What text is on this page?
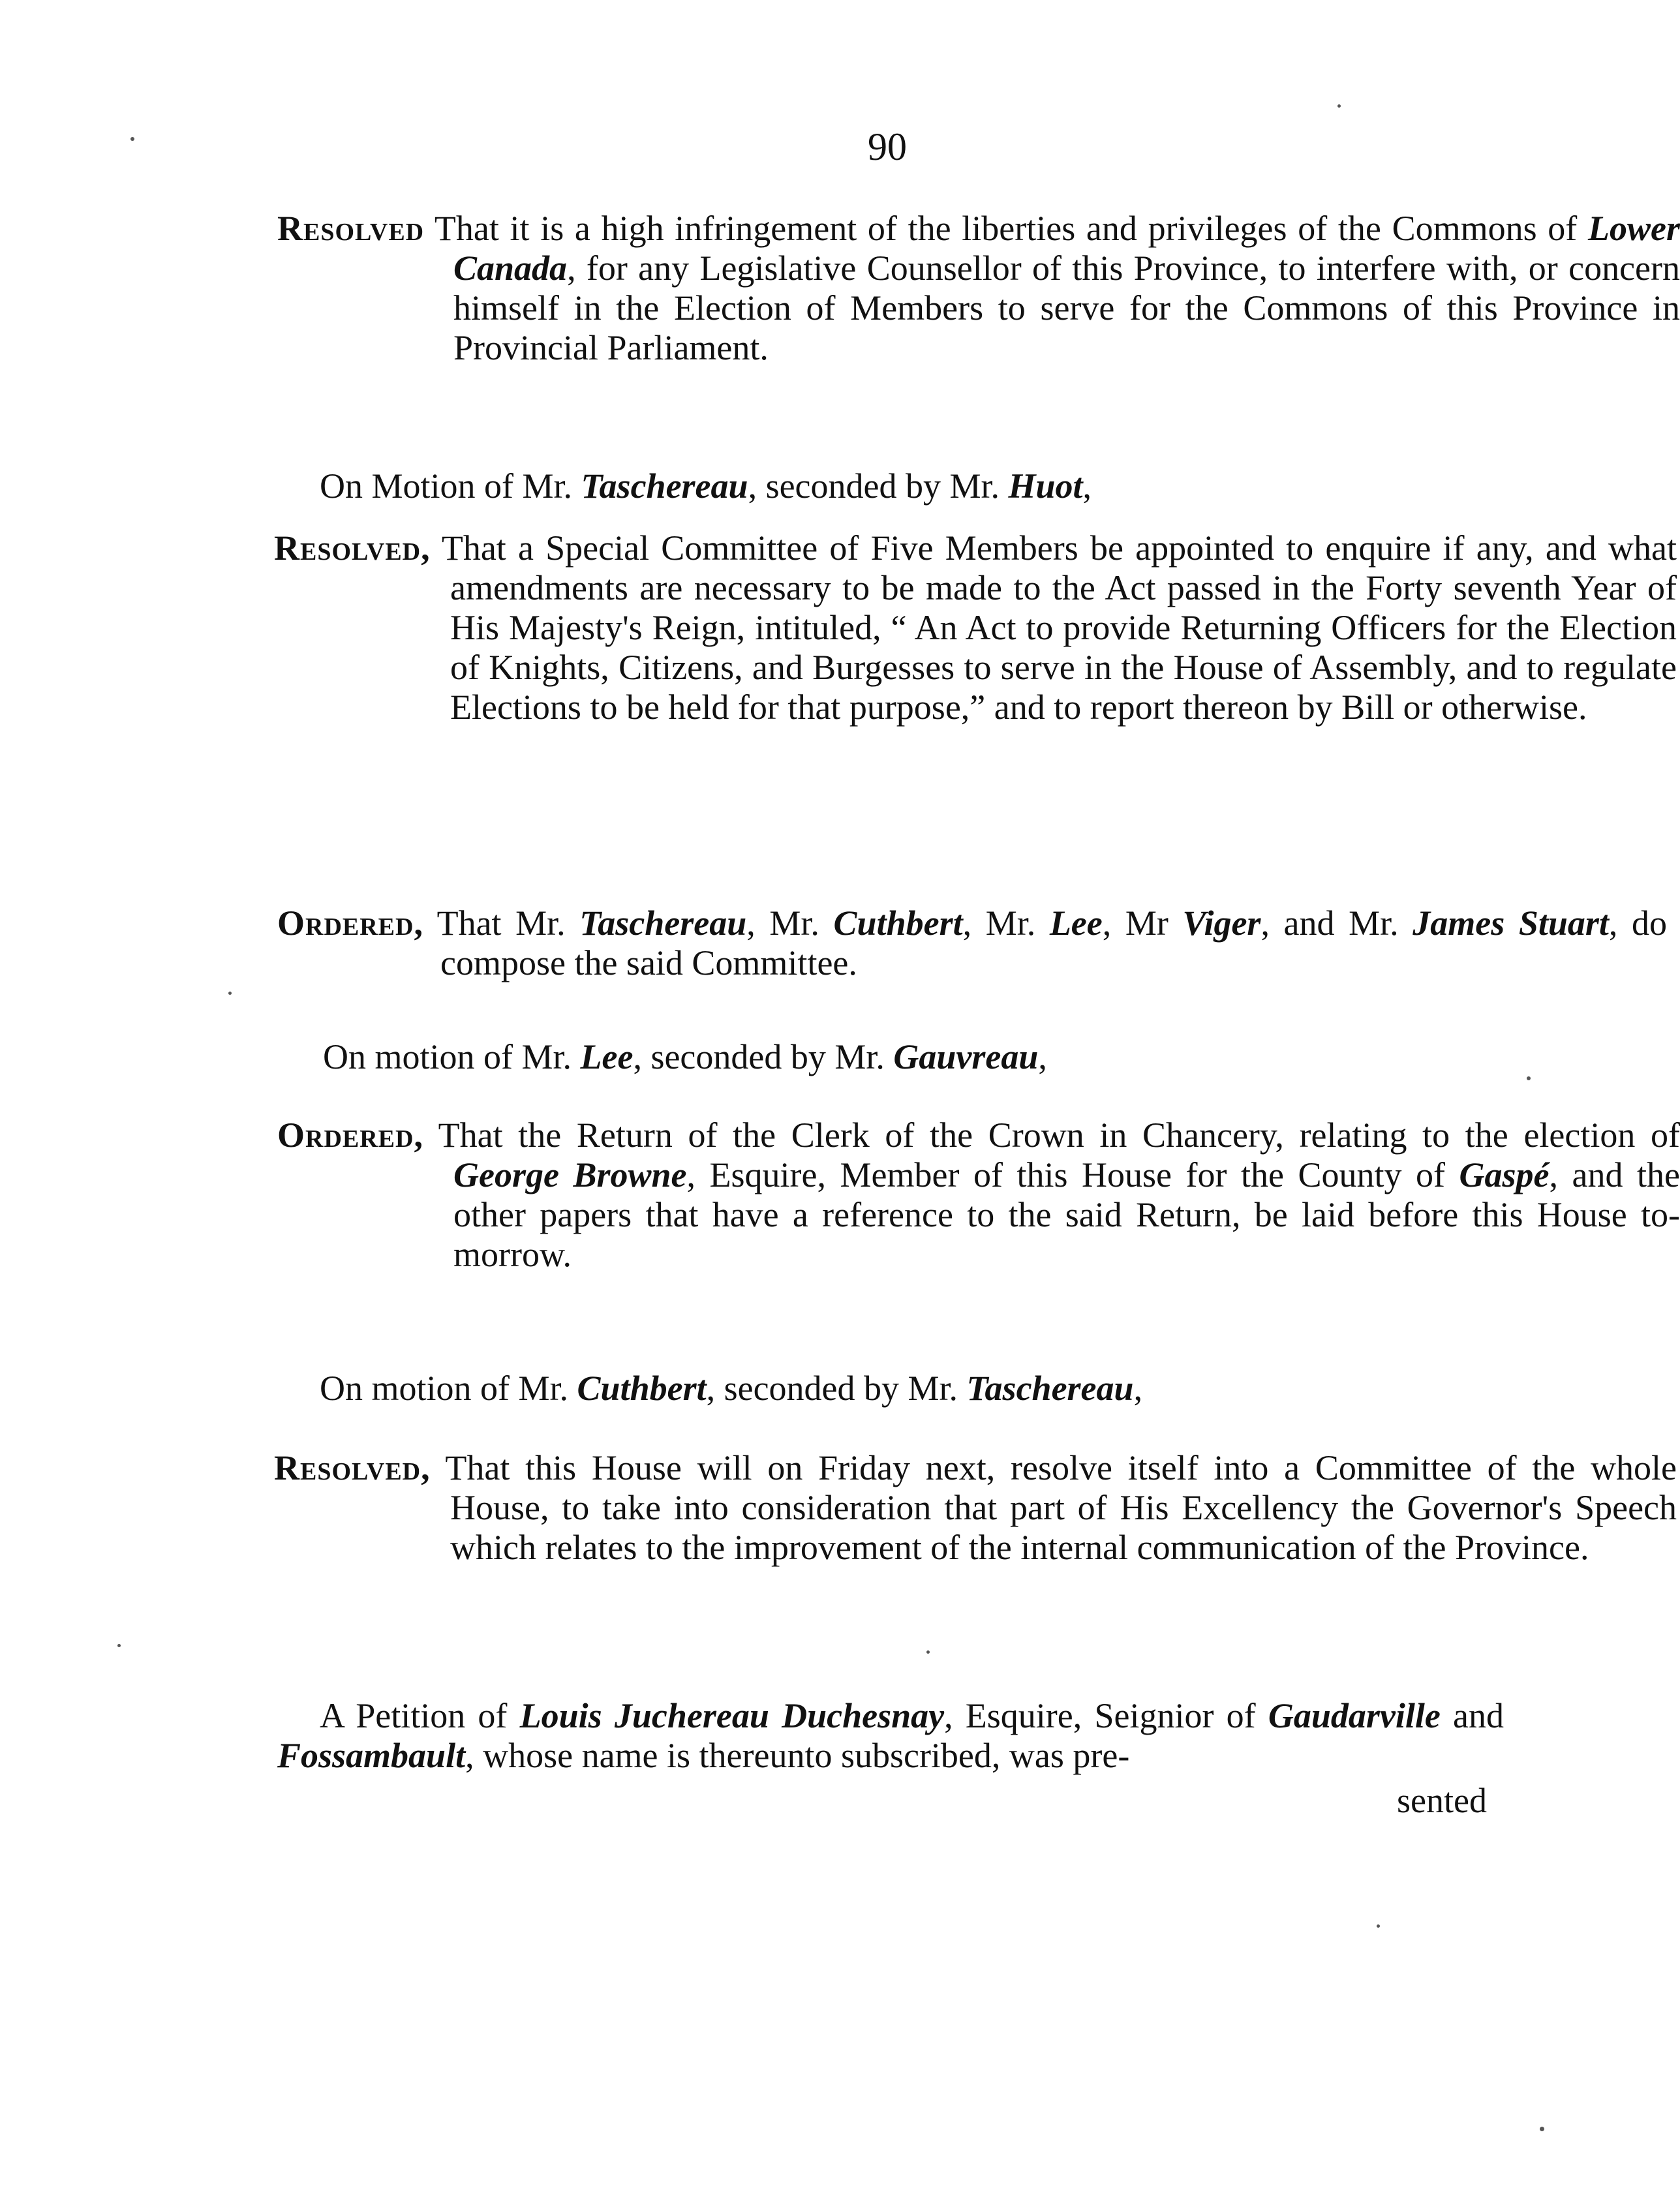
90
Resolved That it is a high infringement of the liberties and privileges of the Commons of Lower Canada, for any Legislative Counsellor of this Province, to interfere with, or concern himself in the Election of Members to serve for the Commons of this Province in Provincial Parliament.
On Motion of Mr. Taschereau, seconded by Mr. Huot,
Resolved, That a Special Committee of Five Members be appointed to enquire if any, and what amendments are necessary to be made to the Act passed in the Forty seventh Year of His Majesty's Reign, intituled, “ An Act to provide Returning Officers for the Election of Knights, Citizens, and Burgesses to serve in the House of Assembly, and to regulate Elections to be held for that purpose,” and to report thereon by Bill or otherwise.
Ordered, That Mr. Taschereau, Mr. Cuthbert, Mr. Lee, Mr Viger, and Mr. James Stuart, do compose the said Committee.
On motion of Mr. Lee, seconded by Mr. Gauvreau,
Ordered, That the Return of the Clerk of the Crown in Chancery, relating to the election of George Browne, Esquire, Member of this House for the County of Gaspé, and the other papers that have a reference to the said Return, be laid before this House to-morrow.
On motion of Mr. Cuthbert, seconded by Mr. Taschereau,
Resolved, That this House will on Friday next, resolve itself into a Committee of the whole House, to take into consideration that part of His Excellency the Governor's Speech which relates to the improvement of the internal communication of the Province.
A Petition of Louis Juchereau Duchesnay, Esquire, Seignior of Gaudarville and Fossambault, whose name is thereunto subscribed, was pre-
sented
